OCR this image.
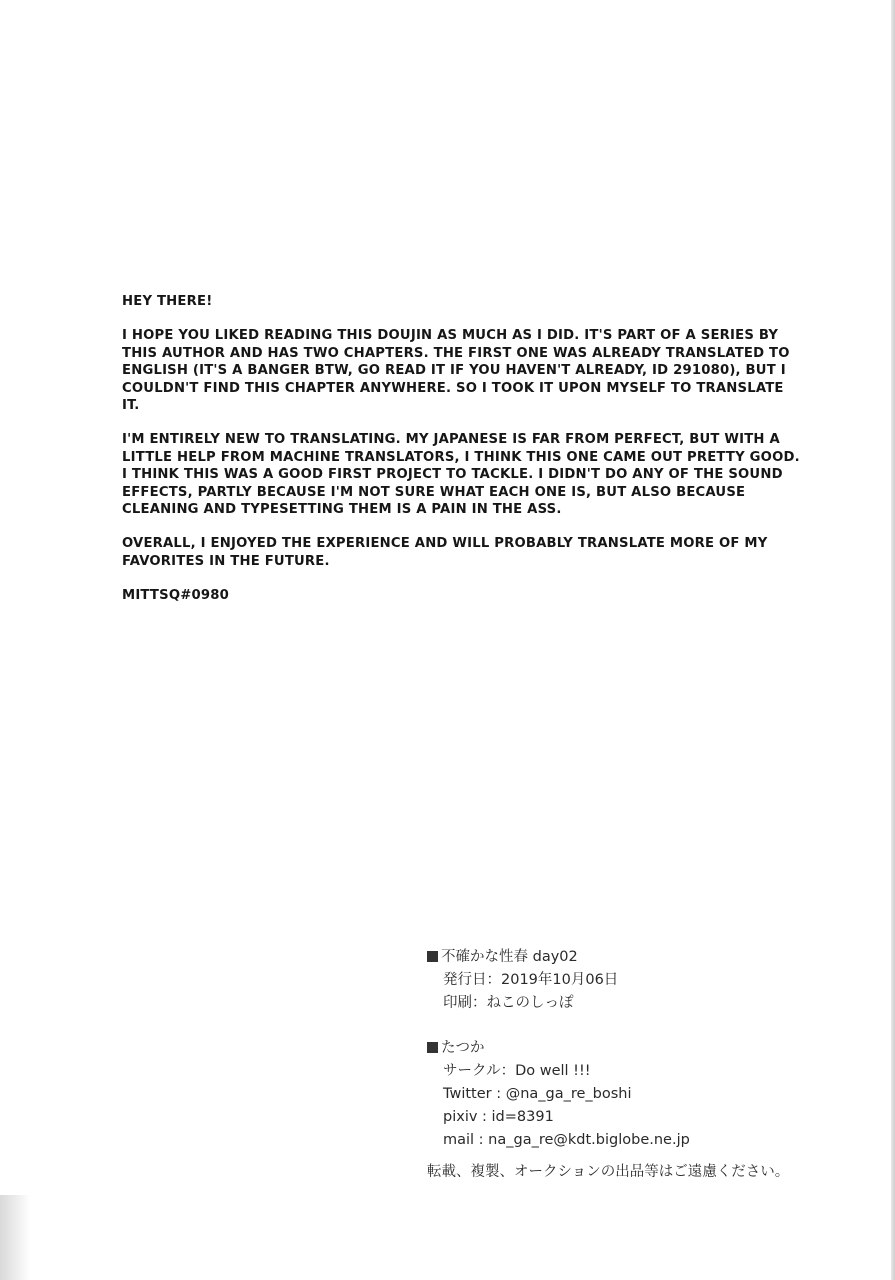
HEY THERE!

I HOPE YOU LIKED READING THIS DOUJIN AS MUCH AS I DID. IT'S PART OF A SERIES BY
THIS AUTHOR AND HAS TWO CHAPTERS. THE FIRST ONE WAS ALREADY TRANSLATED TO
ENGLISH (IT'S A BANGER BTW, GO READ IT IF YOU HAVEN'T ALREADY, ID 291080), BUT I
COULDN'T FIND THIS CHAPTER ANYWHERE. SO I TOOK IT UPON MYSELF TO TRANSLATE IT.

I'M ENTIRELY NEW TO TRANSLATING. MY JAPANESE IS FAR FROM PERFECT, BUT WITH A
LITTLE HELP FROM MACHINE TRANSLATORS, I THINK THIS ONE CAME OUT PRETTY GOOD.
I THINK THIS WAS A GOOD FIRST PROJECT TO TACKLE. I DIDN'T DO ANY OF THE SOUND
EFFECTS, PARTLY BECAUSE I'M NOT SURE WHAT EACH ONE IS, BUT ALSO BECAUSE
CLEANING AND TYPESETTING THEM IS A PAIN IN THE ASS.

OVERALL, I ENJOYED THE EXPERIENCE AND WILL PROBABLY TRANSLATE MORE OF MY
FAVORITES IN THE FUTURE.

MITTSQ#0980

不確かな性春 day02
発行日：2019年10月06日
印刷：ねこのしっぽ
たつか
サークル：Do well !!!
Twitter : @na_ga_re_boshi
pixiv : id=8391
mail : na_ga_re@kdt.biglobe.ne.jp
転載、複製、オークションの出品等はご遠慮ください。
